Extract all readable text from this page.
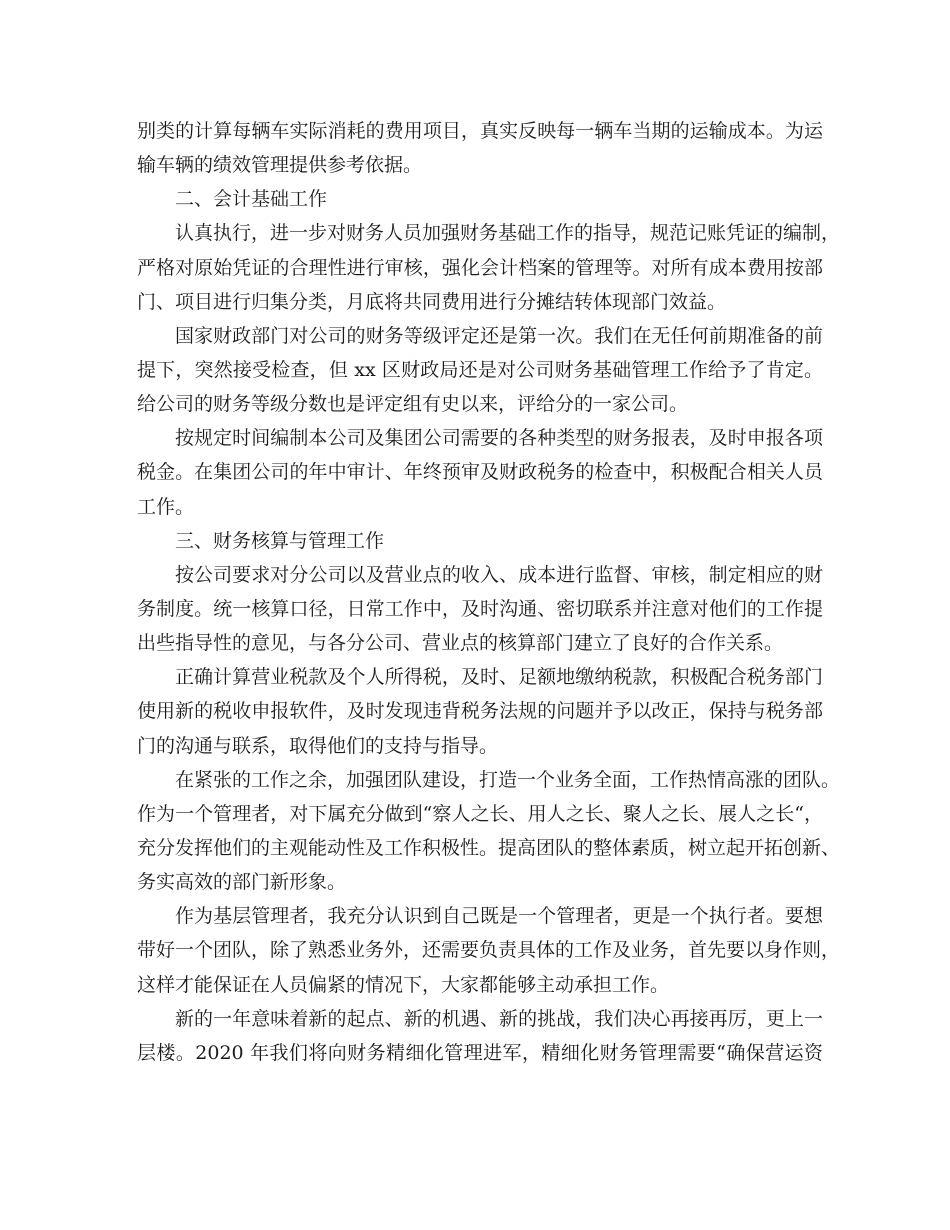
别类的计算每辆车实际消耗的费用项目，真实反映每一辆车当期的运输成本。为运
输车辆的绩效管理提供参考依据。
二、会计基础工作
认真执行，进一步对财务人员加强财务基础工作的指导，规范记账凭证的编制，
严格对原始凭证的合理性进行审核，强化会计档案的管理等。对所有成本费用按部
门、项目进行归集分类，月底将共同费用进行分摊结转体现部门效益。
国家财政部门对公司的财务等级评定还是第一次。我们在无任何前期准备的前
提下，突然接受检查，但 xx 区财政局还是对公司财务基础管理工作给予了肯定。
给公司的财务等级分数也是评定组有史以来，评给分的一家公司。
按规定时间编制本公司及集团公司需要的各种类型的财务报表，及时申报各项
税金。在集团公司的年中审计、年终预审及财政税务的检查中，积极配合相关人员
工作。
三、财务核算与管理工作
按公司要求对分公司以及营业点的收入、成本进行监督、审核，制定相应的财
务制度。统一核算口径，日常工作中，及时沟通、密切联系并注意对他们的工作提
出些指导性的意见，与各分公司、营业点的核算部门建立了良好的合作关系。
正确计算营业税款及个人所得税，及时、足额地缴纳税款，积极配合税务部门
使用新的税收申报软件，及时发现违背税务法规的问题并予以改正，保持与税务部
门的沟通与联系，取得他们的支持与指导。
在紧张的工作之余，加强团队建设，打造一个业务全面，工作热情高涨的团队。
作为一个管理者，对下属充分做到“察人之长、用人之长、聚人之长、展人之长“，
充分发挥他们的主观能动性及工作积极性。提高团队的整体素质，树立起开拓创新、
务实高效的部门新形象。
作为基层管理者，我充分认识到自己既是一个管理者，更是一个执行者。要想
带好一个团队，除了熟悉业务外，还需要负责具体的工作及业务，首先要以身作则，
这样才能保证在人员偏紧的情况下，大家都能够主动承担工作。
新的一年意味着新的起点、新的机遇、新的挑战，我们决心再接再厉，更上一
层楼。2020 年我们将向财务精细化管理进军，精细化财务管理需要“确保营运资
